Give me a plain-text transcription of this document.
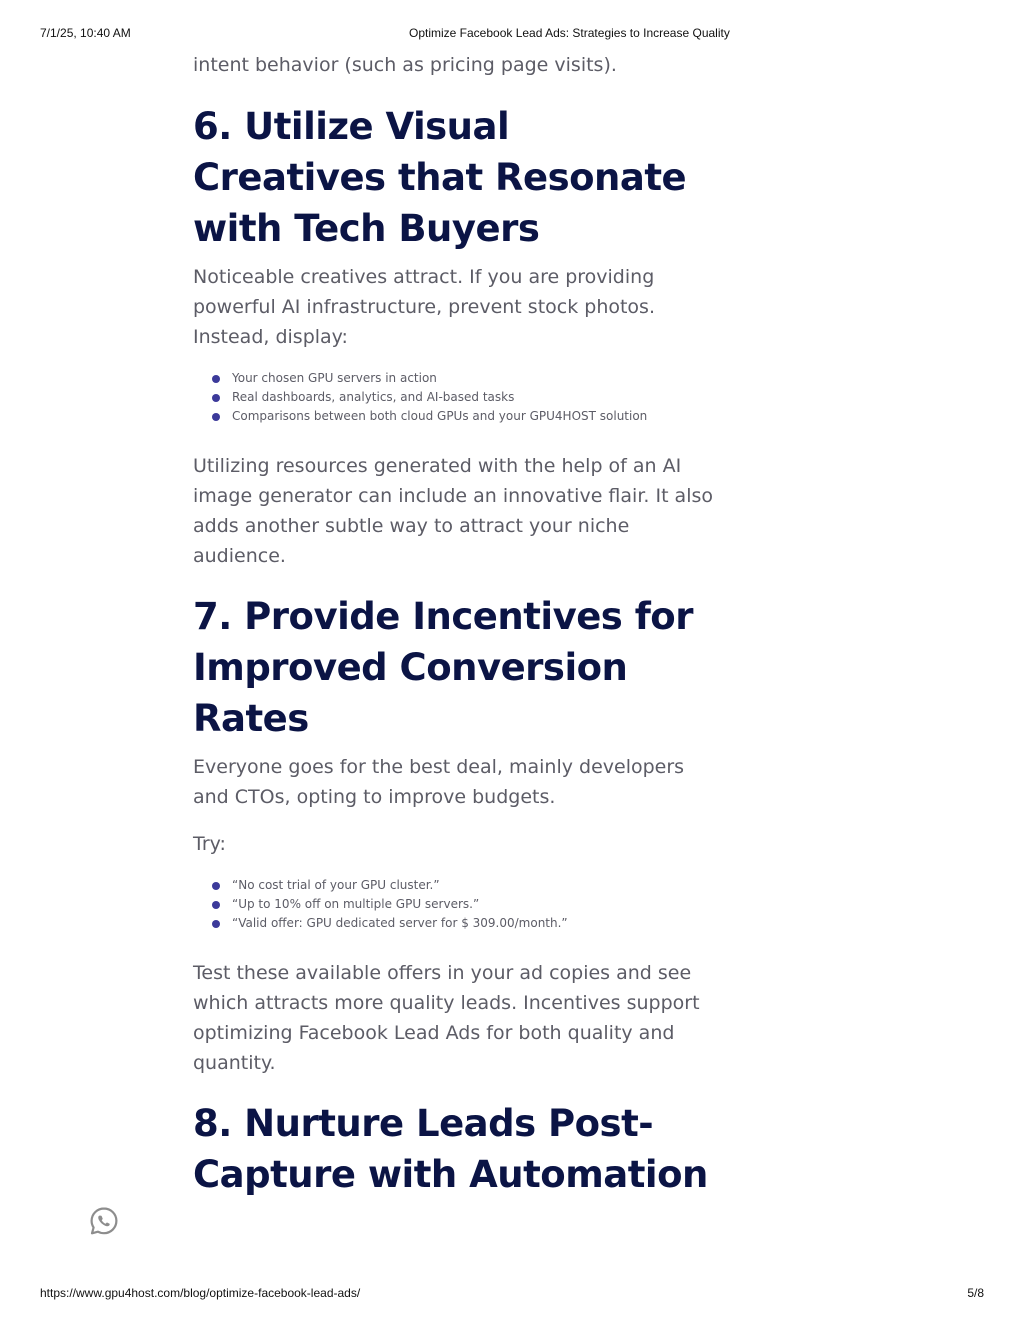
7/1/25, 10:40 AM	Optimize Facebook Lead Ads: Strategies to Increase Quality

intent behavior (such as pricing page visits).

6. Utilize Visual Creatives that Resonate with Tech Buyers

Noticeable creatives attract. If you are providing powerful AI infrastructure, prevent stock photos. Instead, display:

Your chosen GPU servers in action
Real dashboards, analytics, and AI-based tasks
Comparisons between both cloud GPUs and your GPU4HOST solution

Utilizing resources generated with the help of an AI image generator can include an innovative flair. It also adds another subtle way to attract your niche audience.

7. Provide Incentives for Improved Conversion Rates

Everyone goes for the best deal, mainly developers and CTOs, opting to improve budgets.

Try:

“No cost trial of your GPU cluster.”
“Up to 10% off on multiple GPU servers.”
“Valid offer: GPU dedicated server for $ 309.00/month.”

Test these available offers in your ad copies and see which attracts more quality leads. Incentives support optimizing Facebook Lead Ads for both quality and quantity.

8. Nurture Leads Post-Capture with Automation
https://www.gpu4host.com/blog/optimize-facebook-lead-ads/	5/8
